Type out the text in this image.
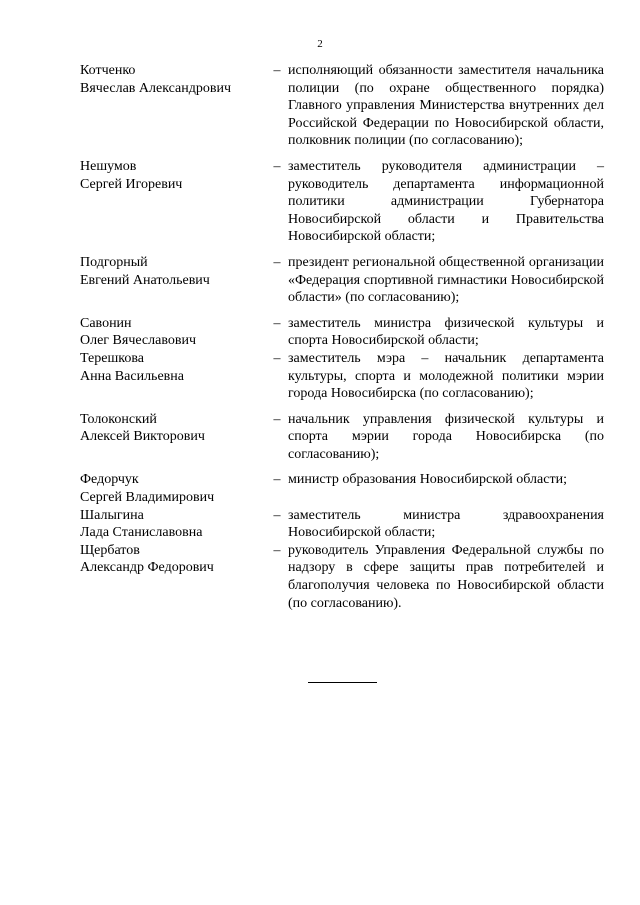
2
Котченко
Вячеслав Александрович
– исполняющий обязанности заместителя начальника полиции (по охране общественного порядка) Главного управления Министерства внутренних дел Российской Федерации по Новосибирской области, полковник полиции (по согласованию);
Нешумов
Сергей Игоревич
– заместитель руководителя администрации – руководитель департамента информационной политики администрации Губернатора Новосибирской области и Правительства Новосибирской области;
Подгорный
Евгений Анатольевич
– президент региональной общественной организации «Федерация спортивной гимнастики Новосибирской области» (по согласованию);
Савонин
Олег Вячеславович
– заместитель министра физической культуры и спорта Новосибирской области;
Терешкова
Анна Васильевна
– заместитель мэра – начальник департамента культуры, спорта и молодежной политики мэрии города Новосибирска (по согласованию);
Толоконский
Алексей Викторович
– начальник управления физической культуры и спорта мэрии города Новосибирска (по согласованию);
Федорчук
Сергей Владимирович
– министр образования Новосибирской области;
Шалыгина
Лада Станиславовна
– заместитель министра здравоохранения Новосибирской области;
Щербатов
Александр Федорович
– руководитель Управления Федеральной службы по надзору в сфере защиты прав потребителей и благополучия человека по Новосибирской области (по согласованию).
